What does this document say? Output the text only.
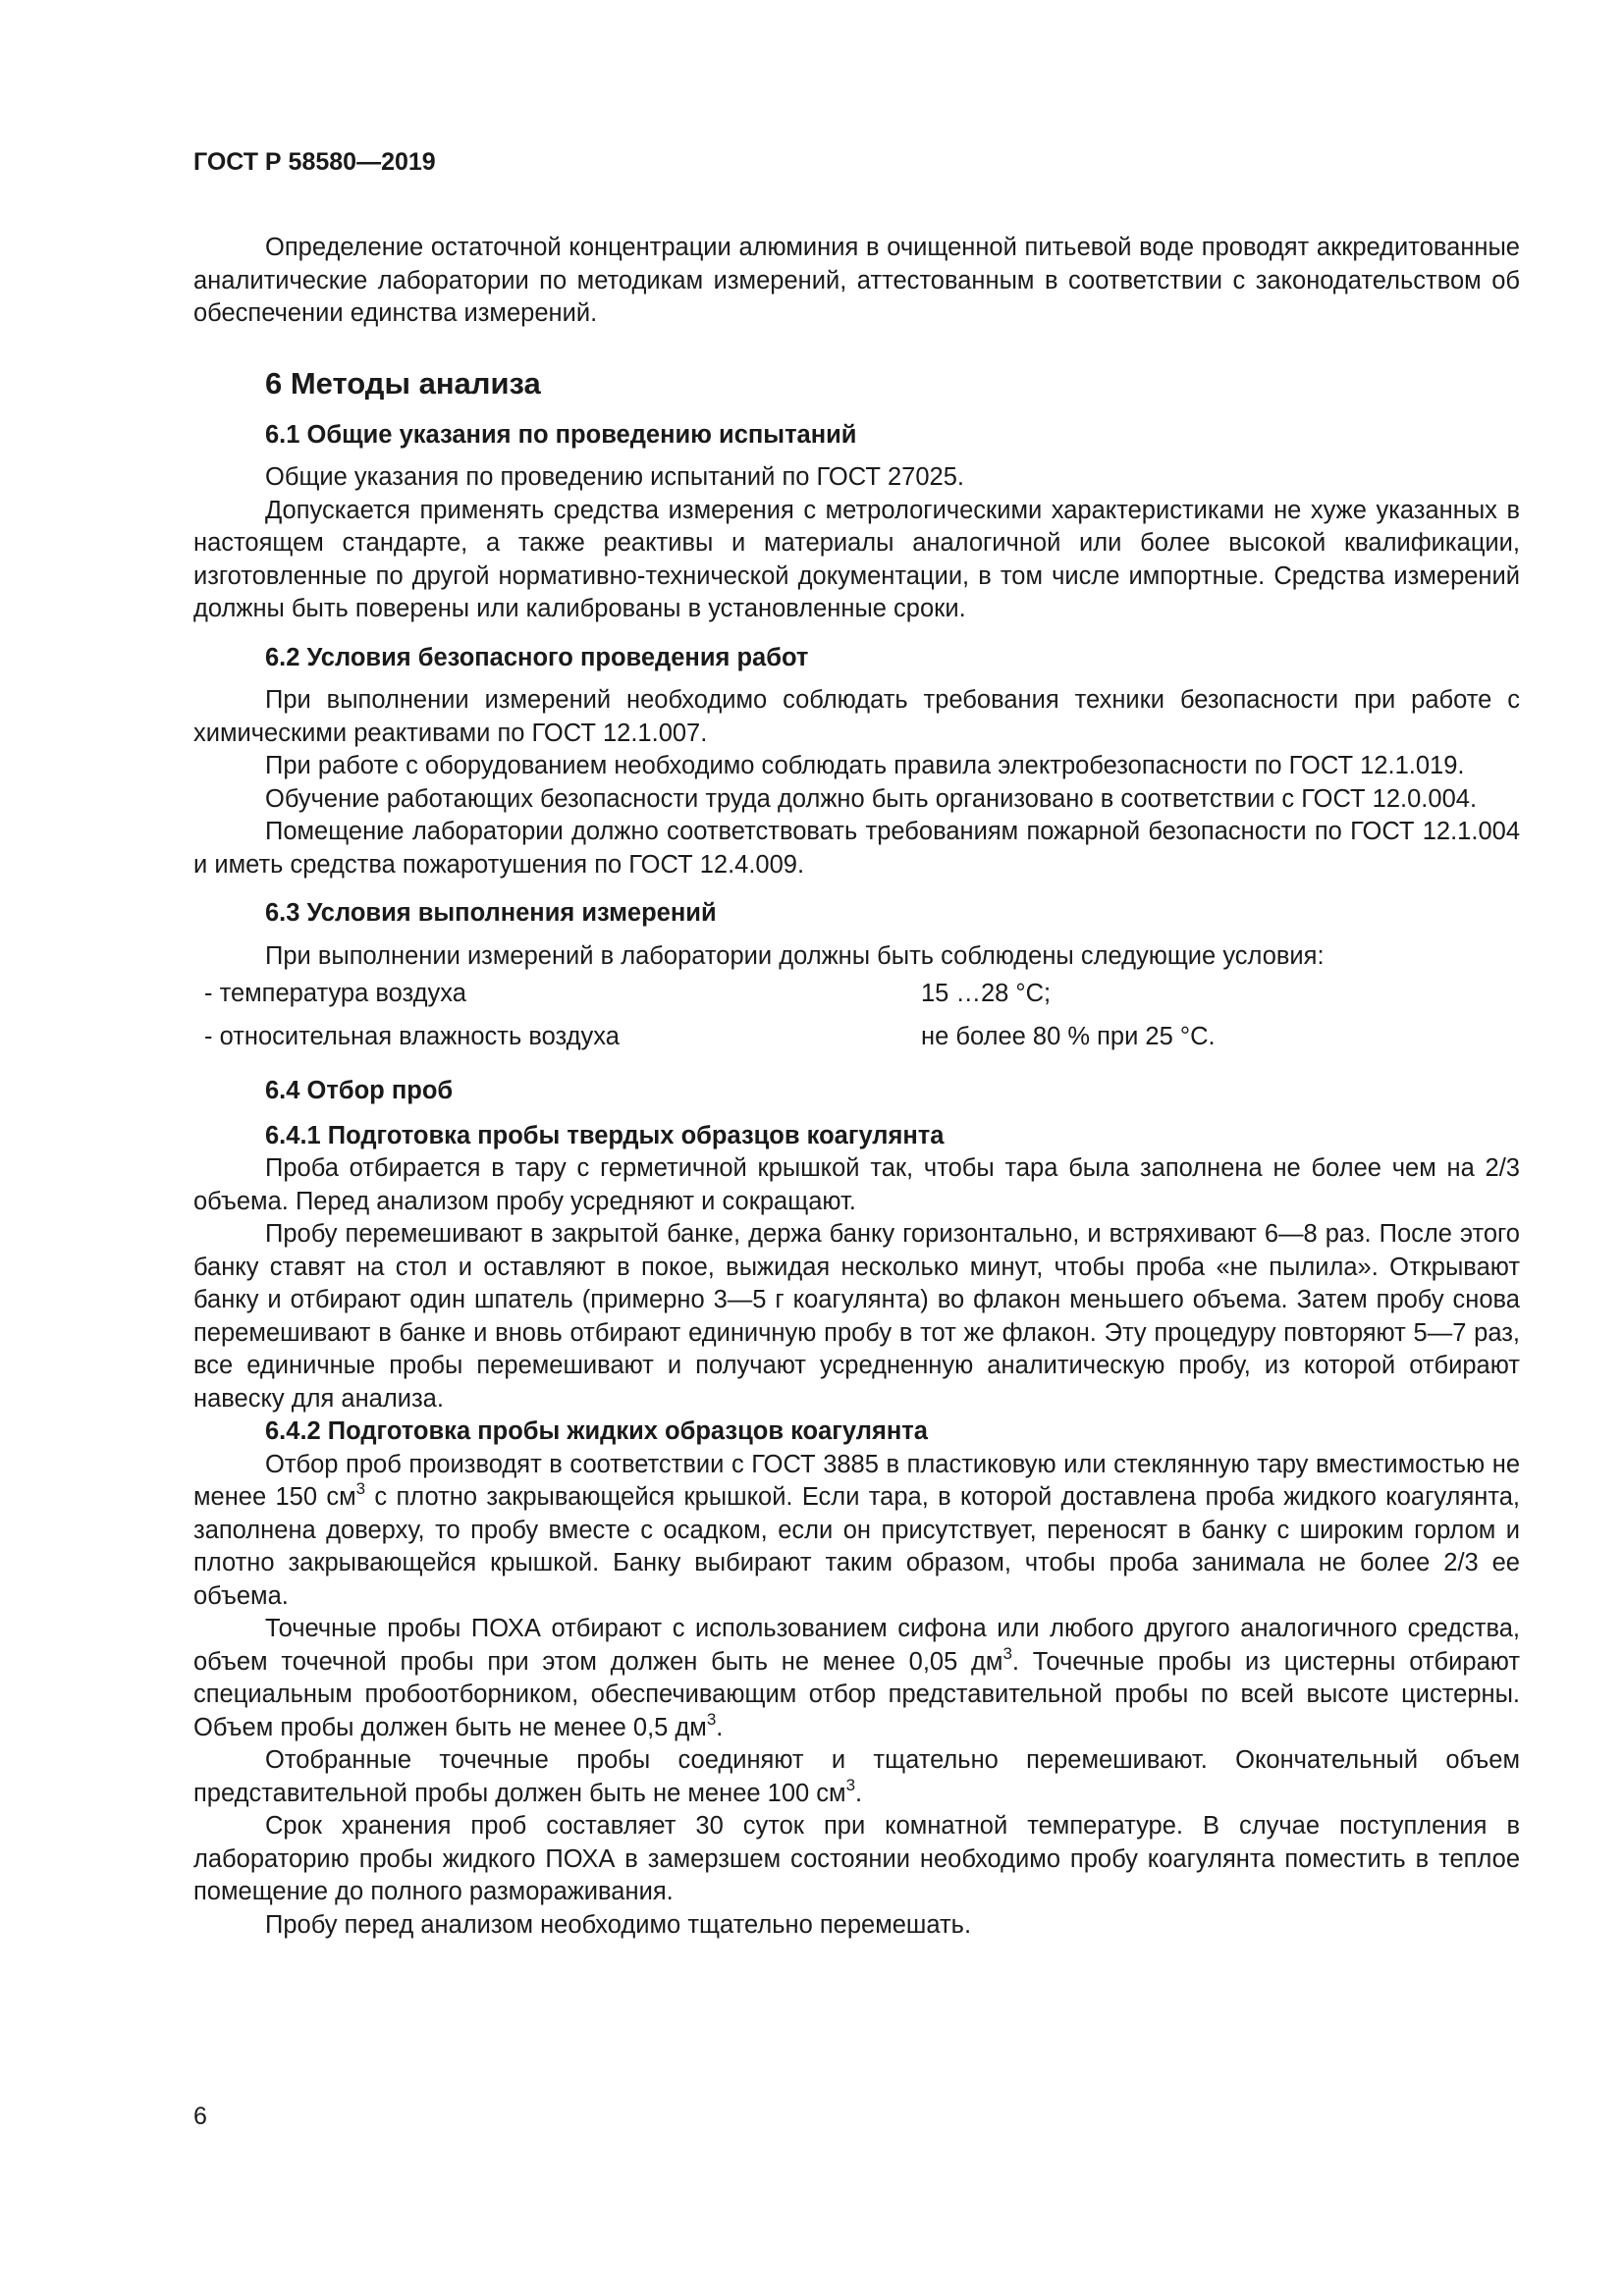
ГОСТ Р 58580—2019

Определение остаточной концентрации алюминия в очищенной питьевой воде проводят аккредитованные аналитические лаборатории по методикам измерений, аттестованным в соответствии с законодательством об обеспечении единства измерений.

6 Методы анализа
6.1 Общие указания по проведению испытаний

Общие указания по проведению испытаний по ГОСТ 27025.

Допускается применять средства измерения с метрологическими характеристиками не хуже указанных в настоящем стандарте, а также реактивы и материалы аналогичной или более высокой квалификации, изготовленные по другой нормативно-технической документации, в том числе импортные. Средства измерений должны быть поверены или калиброваны в установленные сроки.

6.2 Условия безопасного проведения работ

При выполнении измерений необходимо соблюдать требования техники безопасности при работе с химическими реактивами по ГОСТ 12.1.007.

При работе с оборудованием необходимо соблюдать правила электробезопасности по ГОСТ 12.1.019.

Обучение работающих безопасности труда должно быть организовано в соответствии с ГОСТ 12.0.004.

Помещение лаборатории должно соответствовать требованиям пожарной безопасности по ГОСТ 12.1.004 и иметь средства пожаротушения по ГОСТ 12.4.009.

6.3 Условия выполнения измерений

При выполнении измерений в лаборатории должны быть соблюдены следующие условия:

- температура воздуха	15 …28 °С;
- относительная влажность воздуха	не более 80 % при 25 °С.
6.4 Отбор проб
6.4.1 Подготовка пробы твердых образцов коагулянта

Проба отбирается в тару с герметичной крышкой так, чтобы тара была заполнена не более чем на 2/3 объема. Перед анализом пробу усредняют и сокращают.

Пробу перемешивают в закрытой банке, держа банку горизонтально, и встряхивают 6—8 раз. После этого банку ставят на стол и оставляют в покое, выжидая несколько минут, чтобы проба «не пылила». Открывают банку и отбирают один шпатель (примерно 3—5 г коагулянта) во флакон меньшего объема. Затем пробу снова перемешивают в банке и вновь отбирают единичную пробу в тот же флакон. Эту процедуру повторяют 5—7 раз, все единичные пробы перемешивают и получают усредненную аналитическую пробу, из которой отбирают навеску для анализа.

6.4.2 Подготовка пробы жидких образцов коагулянта

Отбор проб производят в соответствии с ГОСТ 3885 в пластиковую или стеклянную тару вместимостью не менее 150 $см^3$ с плотно закрывающейся крышкой. Если тара, в которой доставлена проба жидкого коагулянта, заполнена доверху, то пробу вместе с осадком, если он присутствует, переносят в банку с широким горлом и плотно закрывающейся крышкой. Банку выбирают таким образом, чтобы проба занимала не более 2/3 ее объема.

Точечные пробы ПОХА отбирают с использованием сифона или любого другого аналогичного средства, объем точечной пробы при этом должен быть не менее 0,05 $дм^3$. Точечные пробы из цистерны отбирают специальным пробоотборником, обеспечивающим отбор представительной пробы по всей высоте цистерны. Объем пробы должен быть не менее 0,5 $дм^3$.

Отобранные точечные пробы соединяют и тщательно перемешивают. Окончательный объем представительной пробы должен быть не менее 100 $см^3$.

Срок хранения проб составляет 30 суток при комнатной температуре. В случае поступления в лабораторию пробы жидкого ПОХА в замерзшем состоянии необходимо пробу коагулянта поместить в теплое помещение до полного размораживания.

Пробу перед анализом необходимо тщательно перемешать.

6
